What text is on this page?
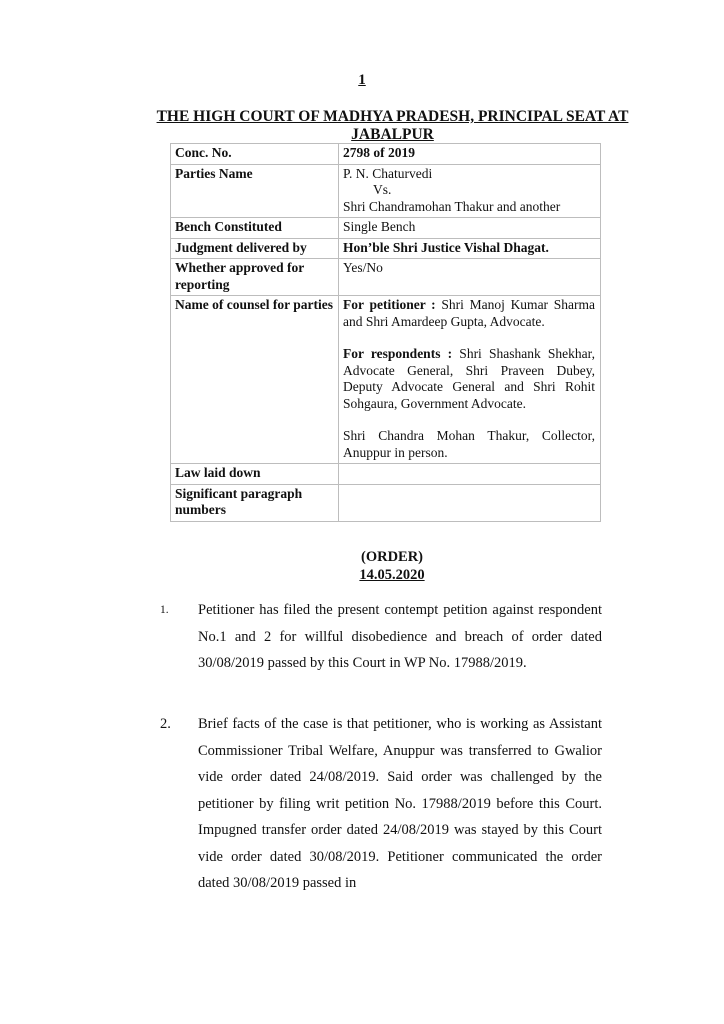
1
THE HIGH COURT OF MADHYA PRADESH, PRINCIPAL SEAT AT JABALPUR
Conc. No.	2798 of 2019
Parties Name	P. N. Chaturvedi
Vs.
Shri Chandramohan Thakur and another

Bench Constituted	Single Bench
Judgment delivered by	Hon’ble Shri Justice Vishal Dhagat.
Whether approved for reporting	Yes/No
Name of counsel for parties	For petitioner : Shri Manoj Kumar Sharma and Shri Amardeep Gupta, Advocate.
For respondents : Shri Shashank Shekhar, Advocate General, Shri Praveen Dubey, Deputy Advocate General and Shri Rohit Sohgaura, Government Advocate.
Shri Chandra Mohan Thakur, Collector, Anuppur in person.

Law laid down	
Significant paragraph numbers	
(ORDER)
14.05.2020
1. Petitioner has filed the present contempt petition against respondent No.1 and 2 for willful disobedience and breach of order dated 30/08/2019 passed by this Court in WP No. 17988/2019.
2. Brief facts of the case is that petitioner, who is working as Assistant Commissioner Tribal Welfare, Anuppur was transferred to Gwalior vide order dated 24/08/2019. Said order was challenged by the petitioner by filing writ petition No. 17988/2019 before this Court. Impugned transfer order dated 24/08/2019 was stayed by this Court vide order dated 30/08/2019. Petitioner communicated the order dated 30/08/2019 passed in
